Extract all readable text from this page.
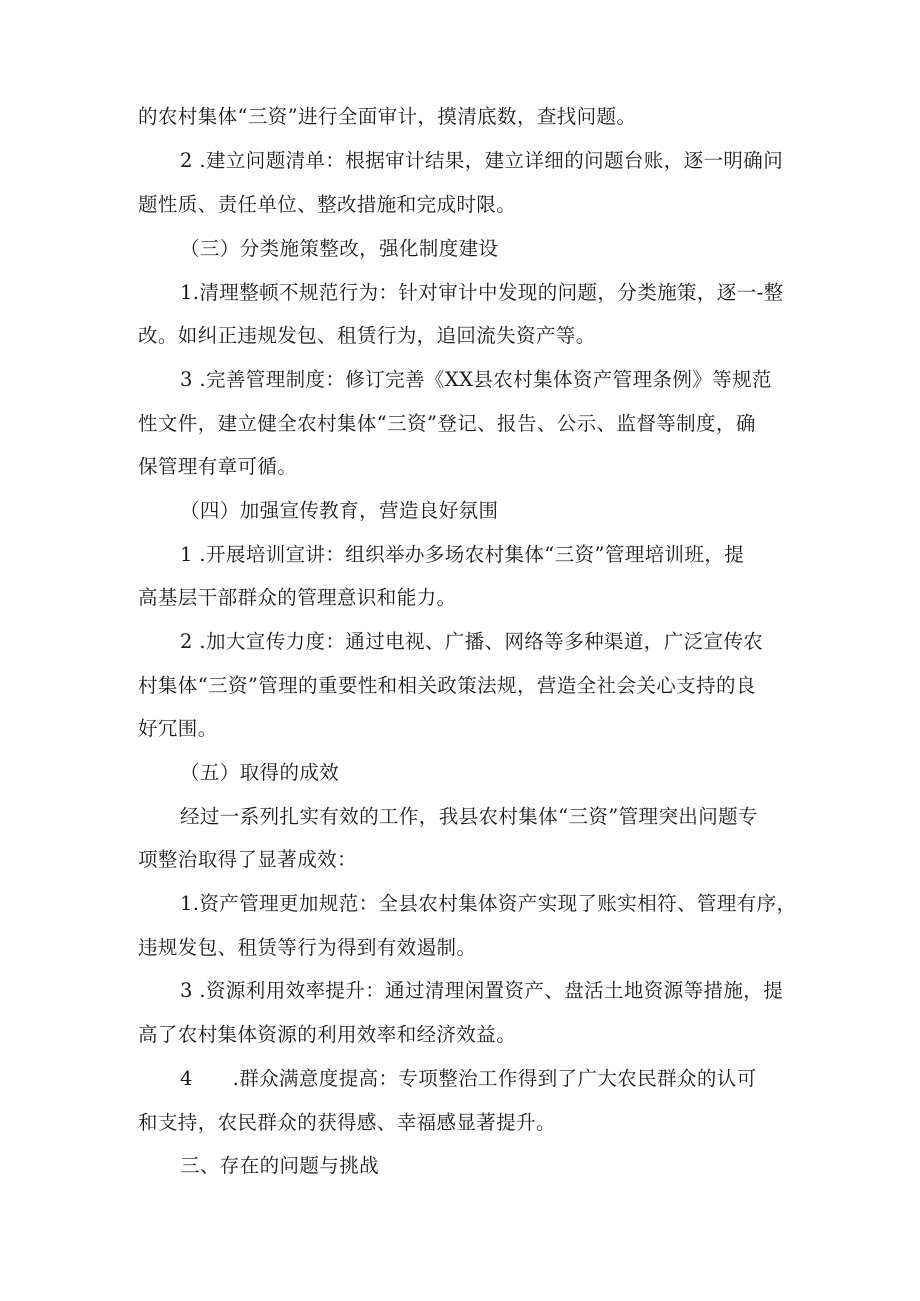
的农村集体“三资”进行全面审计，摸清底数，查找问题。
2 .建立问题清单：根据审计结果，建立详细的问题台账，逐一明确问
题性质、责任单位、整改措施和完成时限。
（三）分类施策整改，强化制度建设
1.清理整顿不规范行为：针对审计中发现的问题，分类施策，逐一-整
改。如纠正违规发包、租赁行为，追回流失资产等。
3 .完善管理制度：修订完善《XX县农村集体资产管理条例》等规范
性文件，建立健全农村集体“三资”登记、报告、公示、监督等制度，确
保管理有章可循。
（四）加强宣传教育，营造良好氛围
1 .开展培训宣讲：组织举办多场农村集体“三资”管理培训班，提
高基层干部群众的管理意识和能力。
2 .加大宣传力度：通过电视、广播、网络等多种渠道，广泛宣传农
村集体“三资”管理的重要性和相关政策法规，营造全社会关心支持的良
好冗围。
（五）取得的成效
经过一系列扎实有效的工作，我县农村集体“三资”管理突出问题专
项整治取得了显著成效：
1.资产管理更加规范：全县农村集体资产实现了账实相符、管理有序，
违规发包、租赁等行为得到有效遏制。
3 .资源利用效率提升：通过清理闲置资产、盘活土地资源等措施，提
高了农村集体资源的利用效率和经济效益。
4　　.群众满意度提高：专项整治工作得到了广大农民群众的认可
和支持，农民群众的获得感、幸福感显著提升。
三、存在的问题与挑战
